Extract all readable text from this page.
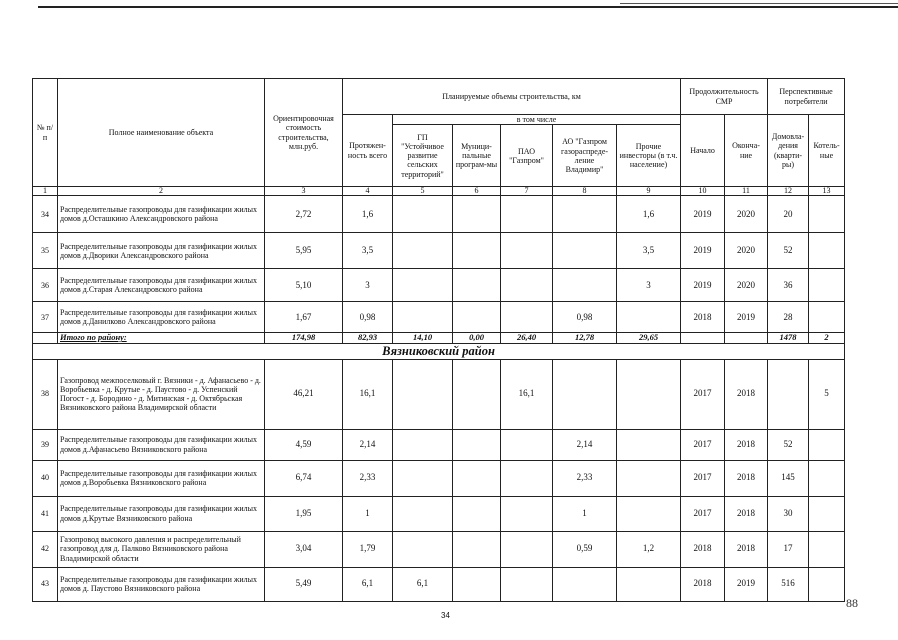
№ п/п	Полное наименование объекта	Ориентировочная стоимость строительства, млн.руб.	Планируемые объемы строительства, км						Продолжительность СМР		Перспективные потребители	
			Протяжен-ность всего	в том числе					Начало	Оконча-ние	Домовла-дения (кварти-ры)	Котель-ные
				ГП "Устойчивое развитие сельских территорий"	Муници-пальные програм-мы	ПАО "Газпром"	АО "Газпром газораспреде-ление Владимир"	Прочие инвесторы (в т.ч. население)				
1	2	3	4	5	6	7	8	9	10	11	12	13
34	Распределительные газопроводы для газификации жилых домов д.Осташкино Александровского района	2,72	1,6					1,6	2019	2020	20	
35	Распределительные газопроводы для газификации жилых домов д.Дворики Александровского района	5,95	3,5					3,5	2019	2020	52	
36	Распределительные газопроводы для газификации жилых домов д.Старая Александровского района	5,10	3					3	2019	2020	36	
37	Распределительные газопроводы для газификации жилых домов д.Данилково Александровского района	1,67	0,98				0,98		2018	2019	28	
	Итого по району:	174,98	82,93	14,10	0,00	26,40	12,78	29,65			1478	2
Вязниковский район												
38	Газопровод межпоселковый г. Вязники - д. Афанасьево - д. Воробьевка - д. Крутые - д. Паустово - д. Успенский Погост - д. Бородино - д. Митинская - д. Октябрьская Вязниковского района Владимирской области	46,21	16,1			16,1			2017	2018		5
39	Распределительные газопроводы для газификации жилых домов д.Афанасьево Вязниковского района	4,59	2,14				2,14		2017	2018	52	
40	Распределительные газопроводы для газификации жилых домов д.Воробьевка Вязниковского района	6,74	2,33				2,33		2017	2018	145	
41	Распределительные газопроводы для газификации жилых домов д.Крутые Вязниковского района	1,95	1				1		2017	2018	30	
42	Газопровод высокого давления и распределительный газопровод для д. Палково Вязниковского района Владимирской области	3,04	1,79				0,59	1,2	2018	2018	17	
43	Распределительные газопроводы для газификации жилых домов д. Паустово Вязниковского района	5,49	6,1	6,1					2018	2019	516	
34
88
